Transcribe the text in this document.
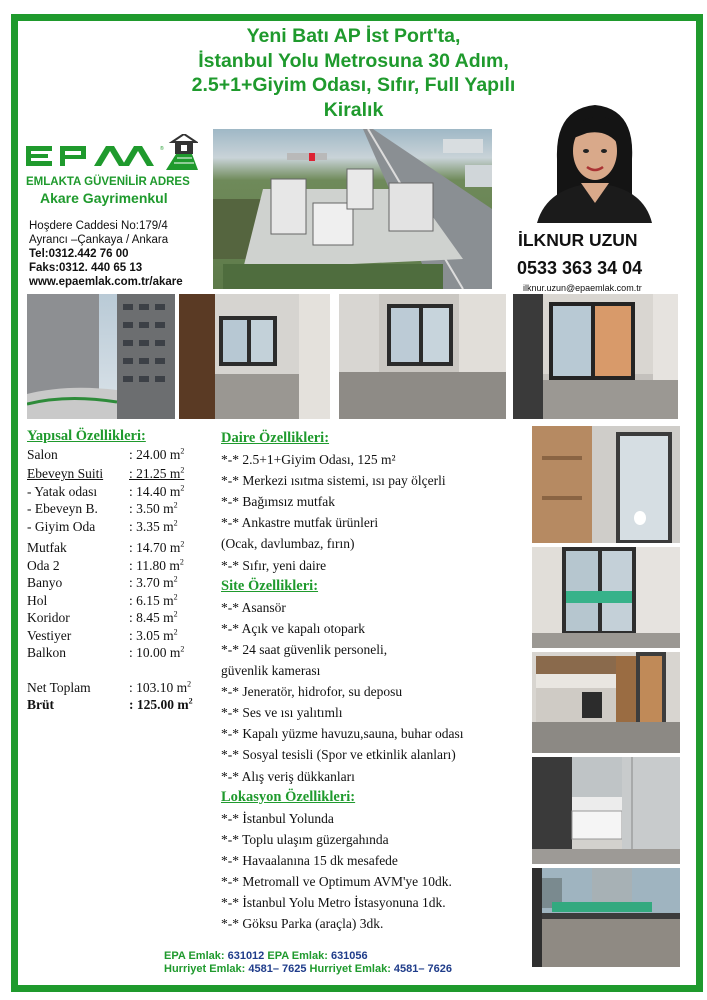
Yeni Batı AP İst Port'ta,
İstanbul Yolu Metrosuna 30 Adım,
2.5+1+Giyim Odası, Sıfır, Full Yapılı
Kiralık
®
EMLAKTA GÜVENİLİR ADRES
Akare Gayrimenkul
Hoşdere Caddesi No:179/4
Ayrancı –Çankaya / Ankara
Tel:0312.442 76 00
Faks:0312. 440 65 13
www.epaemlak.com.tr/akare
İLKNUR UZUN
0533 363 34 04
ilknur.uzun@epaemlak.com.tr
Yapısal Özellikleri:
Salon	: 24.00 $m^2$
Ebeveyn Suiti	: 21.25 $m^2$
- Yatak odası	: 14.40 $m^2$
- Ebeveyn B.	: 3.50 $m^2$
- Giyim Oda	: 3.35 $m^2$
Mutfak	: 14.70 $m^2$
Oda 2	: 11.80 $m^2$
Banyo	: 3.70 $m^2$
Hol	: 6.15 $m^2$
Koridor	: 8.45 $m^2$
Vestiyer	: 3.05 $m^2$
Balkon	: 10.00 $m^2$
Net Toplam	: 103.10 $m^2$
Brüt	: 125.00 $m^2$
Daire Özellikleri:
*-* 2.5+1+Giyim Odası, 125 m²
*-* Merkezi ısıtma sistemi, ısı pay ölçerli
*-* Bağımsız mutfak
*-* Ankastre mutfak ürünleri
(Ocak, davlumbaz, fırın)
*-* Sıfır, yeni daire
Site Özellikleri:
*-* Asansör
*-* Açık ve kapalı otopark
*-* 24 saat güvenlik personeli,
güvenlik kamerası
*-* Jeneratör, hidrofor, su deposu
*-* Ses ve ısı yalıtımlı
*-* Kapalı yüzme havuzu,sauna, buhar odası
*-* Sosyal tesisli (Spor ve etkinlik alanları)
*-* Alış veriş dükkanları
Lokasyon Özellikleri:
*-* İstanbul Yolunda
*-* Toplu ulaşım güzergahında
*-* Havaalanına 15 dk mesafede
*-* Metromall ve Optimum AVM'ye 10dk.
*-* İstanbul Yolu Metro İstasyonuna 1dk.
*-* Göksu Parka (araçla) 3dk.
EPA Emlak: 631012 EPA Emlak: 631056
Hurriyet Emlak: 4581– 7625 Hurriyet Emlak: 4581– 7626
